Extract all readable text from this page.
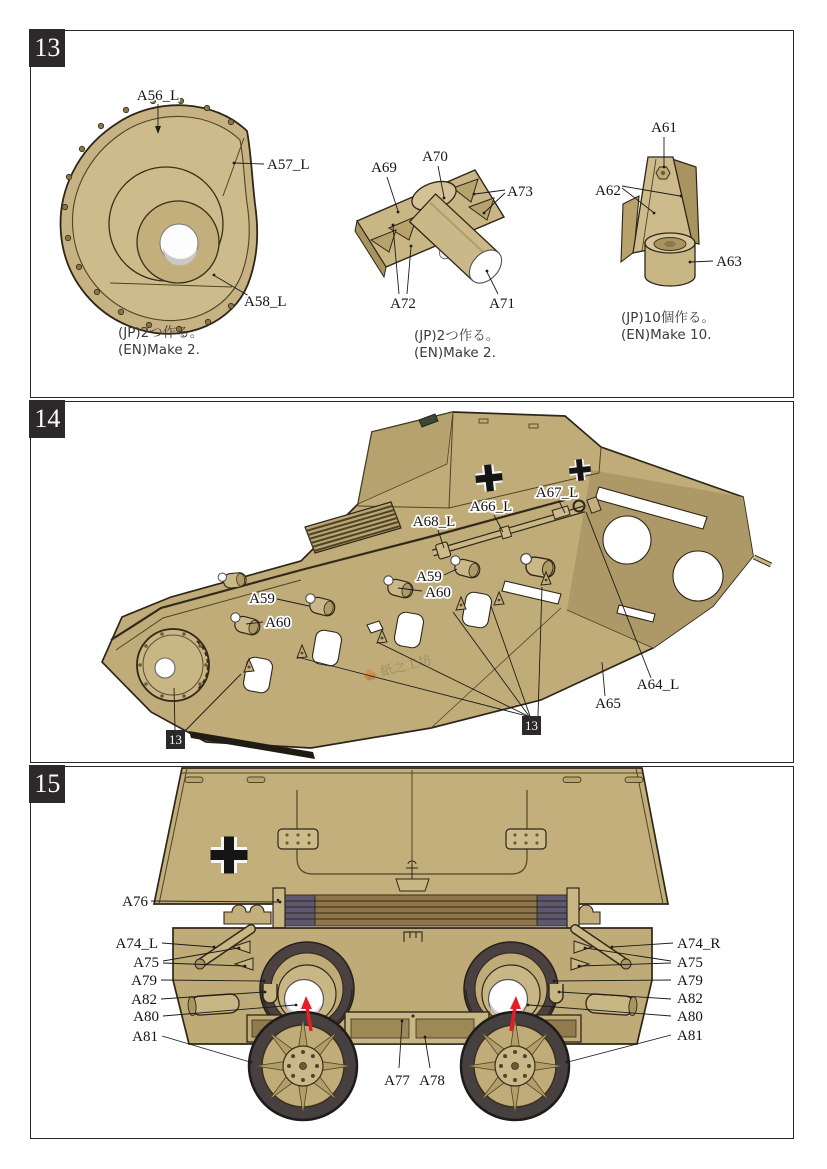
13
A56_L
A57_L
A58_L
A69
A70
A73
A72	A71
A61
A62
A63
(JP)2つ作る。
(EN)Make 2.
(JP)2つ作る。
(EN)Make 2.
(JP)10個作る。
(EN)Make 10.
14
紙之工坊
A68_L
A66_L
A67_L
A59
A60
A59
A60
A64_L
A65
13
13
15
A76
A74_L
A75
A79
A82
A80
A81
A74_R
A75
A79
A82
A80
A81
A77 A78
